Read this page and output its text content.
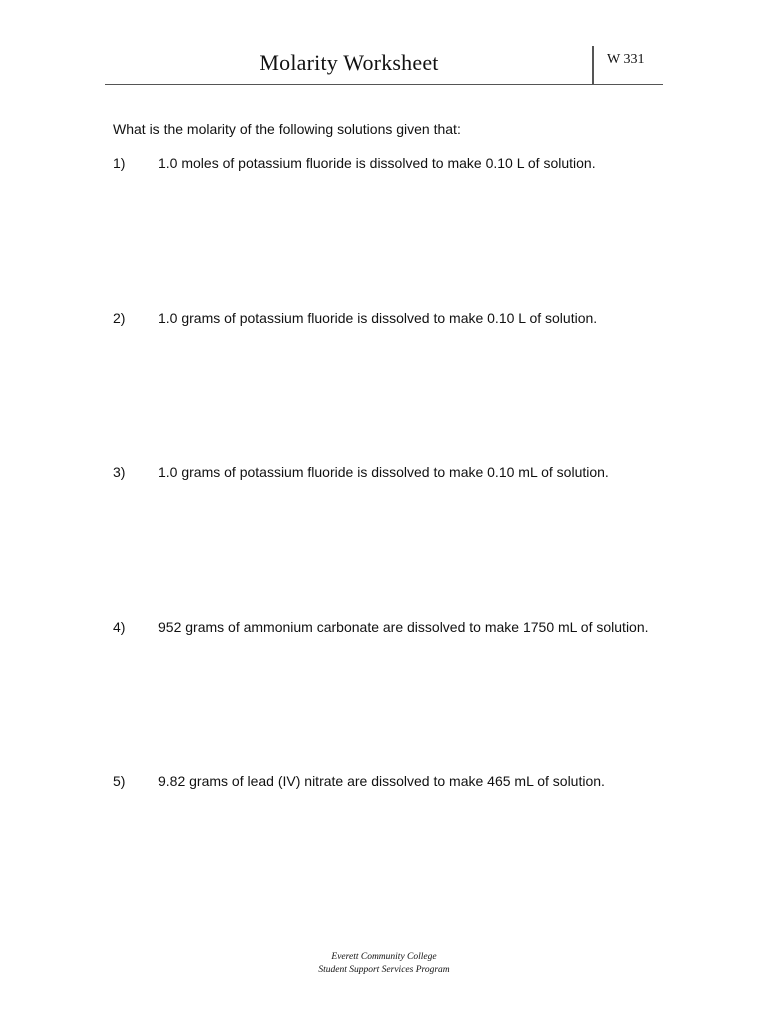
Molarity Worksheet	W 331
What is the molarity of the following solutions given that:
1) 1.0 moles of potassium fluoride is dissolved to make 0.10 L of solution.
2) 1.0 grams of potassium fluoride is dissolved to make 0.10 L of solution.
3) 1.0 grams of potassium fluoride is dissolved to make 0.10 mL of solution.
4) 952 grams of ammonium carbonate are dissolved to make 1750 mL of solution.
5) 9.82 grams of lead (IV) nitrate are dissolved to make 465 mL of solution.
Everett Community College
Student Support Services Program
